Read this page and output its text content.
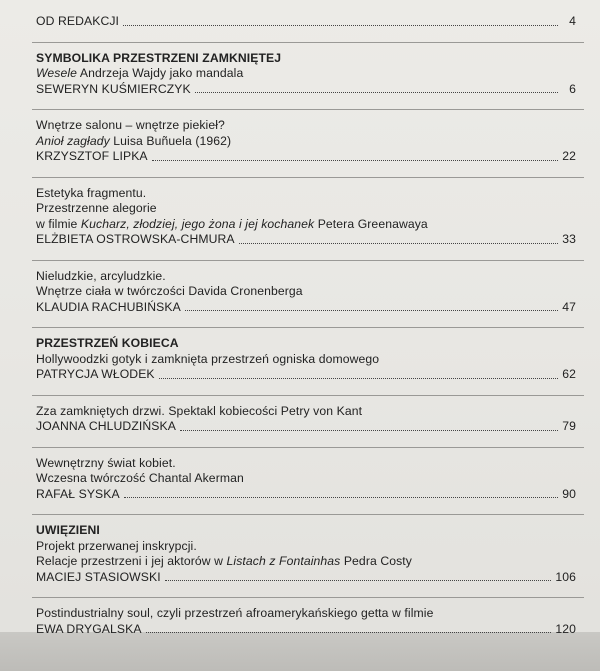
OD REDAKCJI	4
SYMBOLIKA PRZESTRZENI ZAMKNIĘTEJ
Wesele Andrzeja Wajdy jako mandala
SEWERYN KUŚMIERCZYK	6
Wnętrze salonu – wnętrze piekieł?
Anioł zagłady Luisa Buñuela (1962)
KRZYSZTOF LIPKA	22
Estetyka fragmentu.
Przestrzenne alegorie
w filmie Kucharz, złodziej, jego żona i jej kochanek Petera Greenawaya
ELŻBIETA OSTROWSKA-CHMURA	33
Nieludzkie, arcyludzkie.
Wnętrze ciała w twórczości Davida Cronenberga
KLAUDIA RACHUBIŃSKA	47
PRZESTRZEŃ KOBIECA
Hollywoodzki gotyk i zamknięta przestrzeń ogniska domowego
PATRYCJA WŁODEK	62
Zza zamkniętych drzwi. Spektakl kobiecości Petry von Kant
JOANNA CHLUDZIŃSKA	79
Wewnętrzny świat kobiet.
Wczesna twórczość Chantal Akerman
RAFAŁ SYSKA	90
UWIĘZIENI
Projekt przerwanej inskrypcji.
Relacje przestrzeni i jej aktorów w Listach z Fontainhas Pedra Costy
MACIEJ STASIOWSKI	106
Postindustrialny soul, czyli przestrzeń afroamerykańskiego getta w filmie
EWA DRYGALSKA	120
